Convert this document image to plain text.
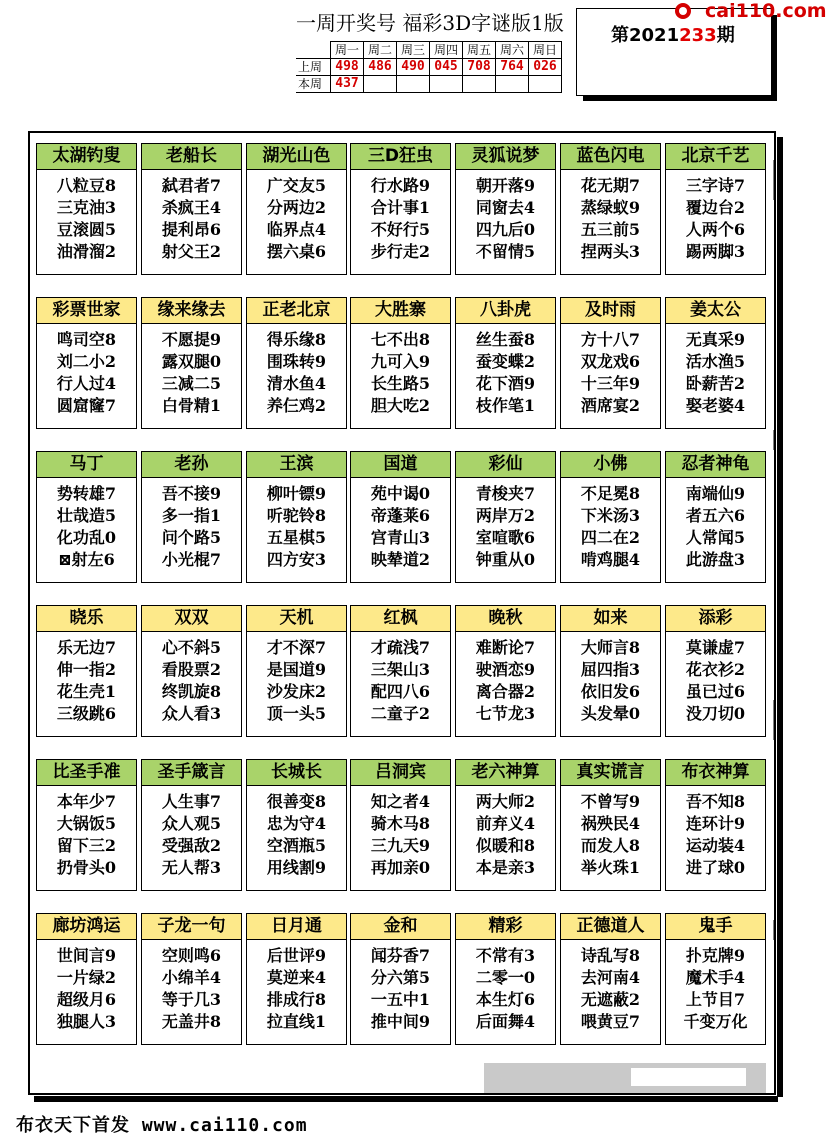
一周开奖号 福彩3D字谜版1版
	周一	周二	周三	周四	周五	周六	周日
上周	498	486	490	045	708	764	026
本周	437						
第2021233期
cai110.com
太湖钓叟
八粒豆8
三克油3
豆滚圆5
油滑溜2
老船长
弑君者7
杀疯王4
提利昂6
射父王2
湖光山色
广交友5
分两边2
临界点4
摆六桌6
三D狂虫
行水路9
合计事1
不好行5
步行走2
灵狐说梦
朝开落9
同窗去4
四九后0
不留情5
蓝色闪电
花无期7
蒸绿蚁9
五三前5
捏两头3
北京千艺
三字诗7
覆边台2
人两个6
踢两脚3
彩票世家
鸣司空8
刘二小2
行人过4
圆窟窿7
缘来缘去
不愿提9
露双腿0
三减二5
白骨精1
正老北京
得乐缘8
围珠转9
清水鱼4
养仨鸡2
大胜寨
七不出8
九可入9
长生路5
胆大吃2
八卦虎
丝生蚕8
蚕变蝶2
花下酒9
枝作笔1
及时雨
方十八7
双龙戏6
十三年9
酒席宴2
姜太公
无真采9
活水渔5
卧薪苦2
娶老婆4
马丁
势转雄7
壮哉造5
化功乱0
⊠射左6
老孙
吾不接9
多一指1
问个路5
小光棍7
王滨
柳叶镖9
听驼铃8
五星棋5
四方安3
国道
苑中谒0
帝蓬莱6
宫青山3
映辇道2
彩仙
青梭夹7
两岸万2
室喧歌6
钟重从0
小佛
不足冕8
下米汤3
四二在2
啃鸡腿4
忍者神龟
南端仙9
者五六6
人常闻5
此游盘3
晓乐
乐无边7
伸一指2
花生壳1
三级跳6
双双
心不斜5
看股票2
终凯旋8
众人看3
天机
才不深7
是国道9
沙发床2
顶一头5
红枫
才疏浅7
三架山3
配四八6
二童子2
晚秋
难断论7
驶酒恋9
离合器2
七节龙3
如来
大师言8
屈四指3
依旧发6
头发晕0
添彩
莫谦虚7
花衣衫2
虽已过6
没刀切0
比圣手准
本年少7
大锅饭5
留下三2
扔骨头0
圣手箴言
人生事7
众人观5
受强敌2
无人帮3
长城长
很善变8
忠为守4
空酒瓶5
用线割9
吕洞宾
知之者4
骑木马8
三九天9
再加亲0
老六神算
两大师2
前弃义4
似暖和8
本是亲3
真实谎言
不曾写9
祸殃民4
而发人8
举火珠1
布衣神算
吾不知8
连环计9
运动装4
进了球0
廊坊鸿运
世间言9
一片绿2
超级月6
独腿人3
子龙一句
空则鸣6
小绵羊4
等于几3
无盖井8
日月通
后世评9
莫逆来4
排成行8
拉直线1
金和
闻芬香7
分六第5
一五中1
推中间9
精彩
不常有3
二零一0
本生灯6
后面舞4
正德道人
诗乱写8
去河南4
无遮蔽2
喂黄豆7
鬼手
扑克牌9
魔术手4
上节目7
千变万化
布衣天下首发 www.cai110.com
